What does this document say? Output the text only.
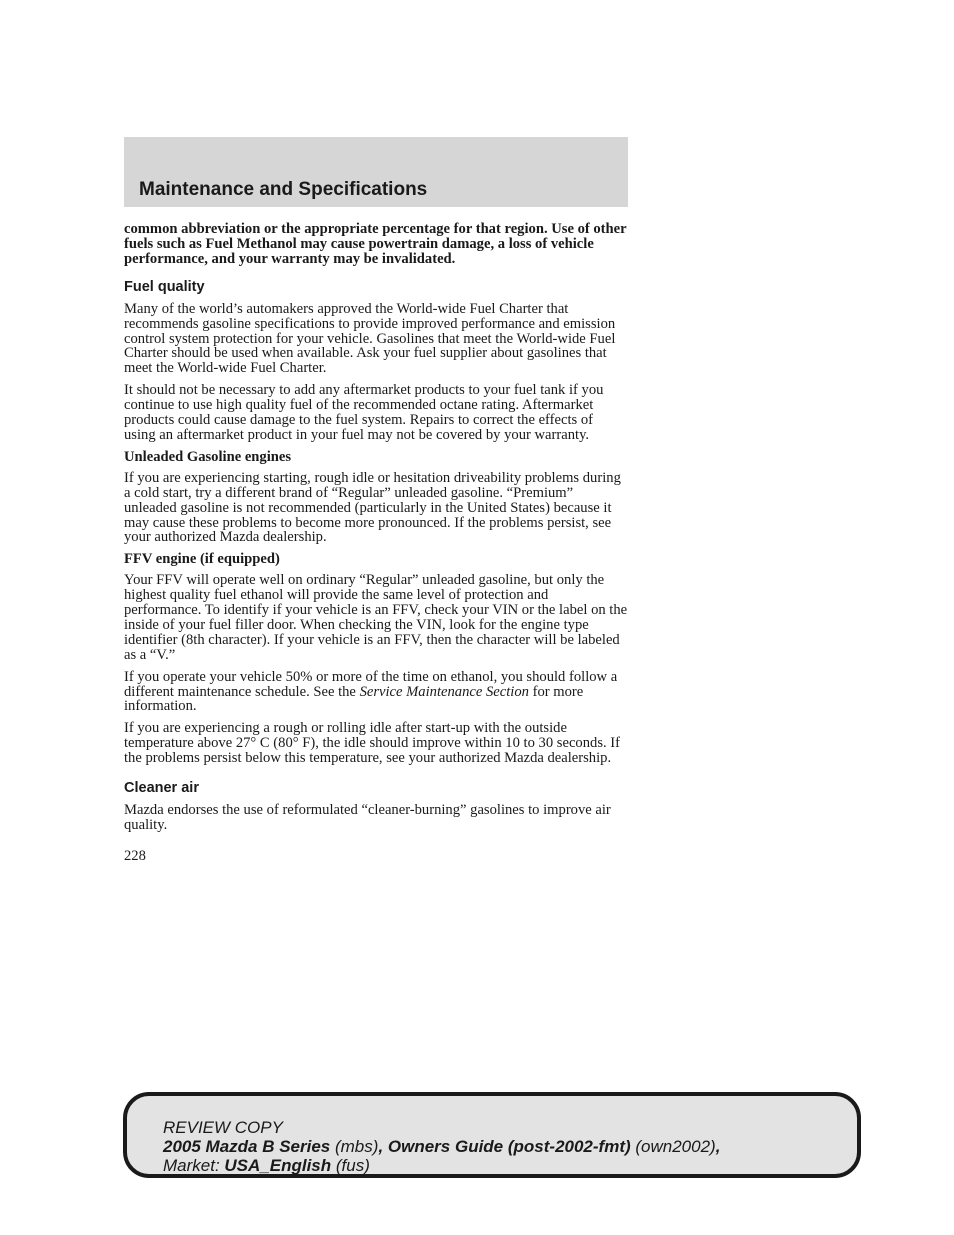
Maintenance and Specifications

common abbreviation or the appropriate percentage for that region. Use of other fuels such as Fuel Methanol may cause powertrain damage, a loss of vehicle performance, and your warranty may be invalidated.

Fuel quality

Many of the world’s automakers approved the World-wide Fuel Charter that recommends gasoline specifications to provide improved performance and emission control system protection for your vehicle. Gasolines that meet the World-wide Fuel Charter should be used when available. Ask your fuel supplier about gasolines that meet the World-wide Fuel Charter.

It should not be necessary to add any aftermarket products to your fuel tank if you continue to use high quality fuel of the recommended octane rating. Aftermarket products could cause damage to the fuel system. Repairs to correct the effects of using an aftermarket product in your fuel may not be covered by your warranty.

Unleaded Gasoline engines

If you are experiencing starting, rough idle or hesitation driveability problems during a cold start, try a different brand of “Regular” unleaded gasoline. “Premium” unleaded gasoline is not recommended (particularly in the United States) because it may cause these problems to become more pronounced. If the problems persist, see your authorized Mazda dealership.

FFV engine (if equipped)

Your FFV will operate well on ordinary “Regular” unleaded gasoline, but only the highest quality fuel ethanol will provide the same level of protection and performance. To identify if your vehicle is an FFV, check your VIN or the label on the inside of your fuel filler door. When checking the VIN, look for the engine type identifier (8th character). If your vehicle is an FFV, then the character will be labeled as a “V.”

If you operate your vehicle 50% or more of the time on ethanol, you should follow a different maintenance schedule. See the Service Maintenance Section for more information.

If you are experiencing a rough or rolling idle after start-up with the outside temperature above 27° C (80° F), the idle should improve within 10 to 30 seconds. If the problems persist below this temperature, see your authorized Mazda dealership.

Cleaner air

Mazda endorses the use of reformulated “cleaner-burning” gasolines to improve air quality.

228

REVIEW COPY
2005 Mazda B Series (mbs), Owners Guide (post-2002-fmt) (own2002),
Market: USA_English (fus)
